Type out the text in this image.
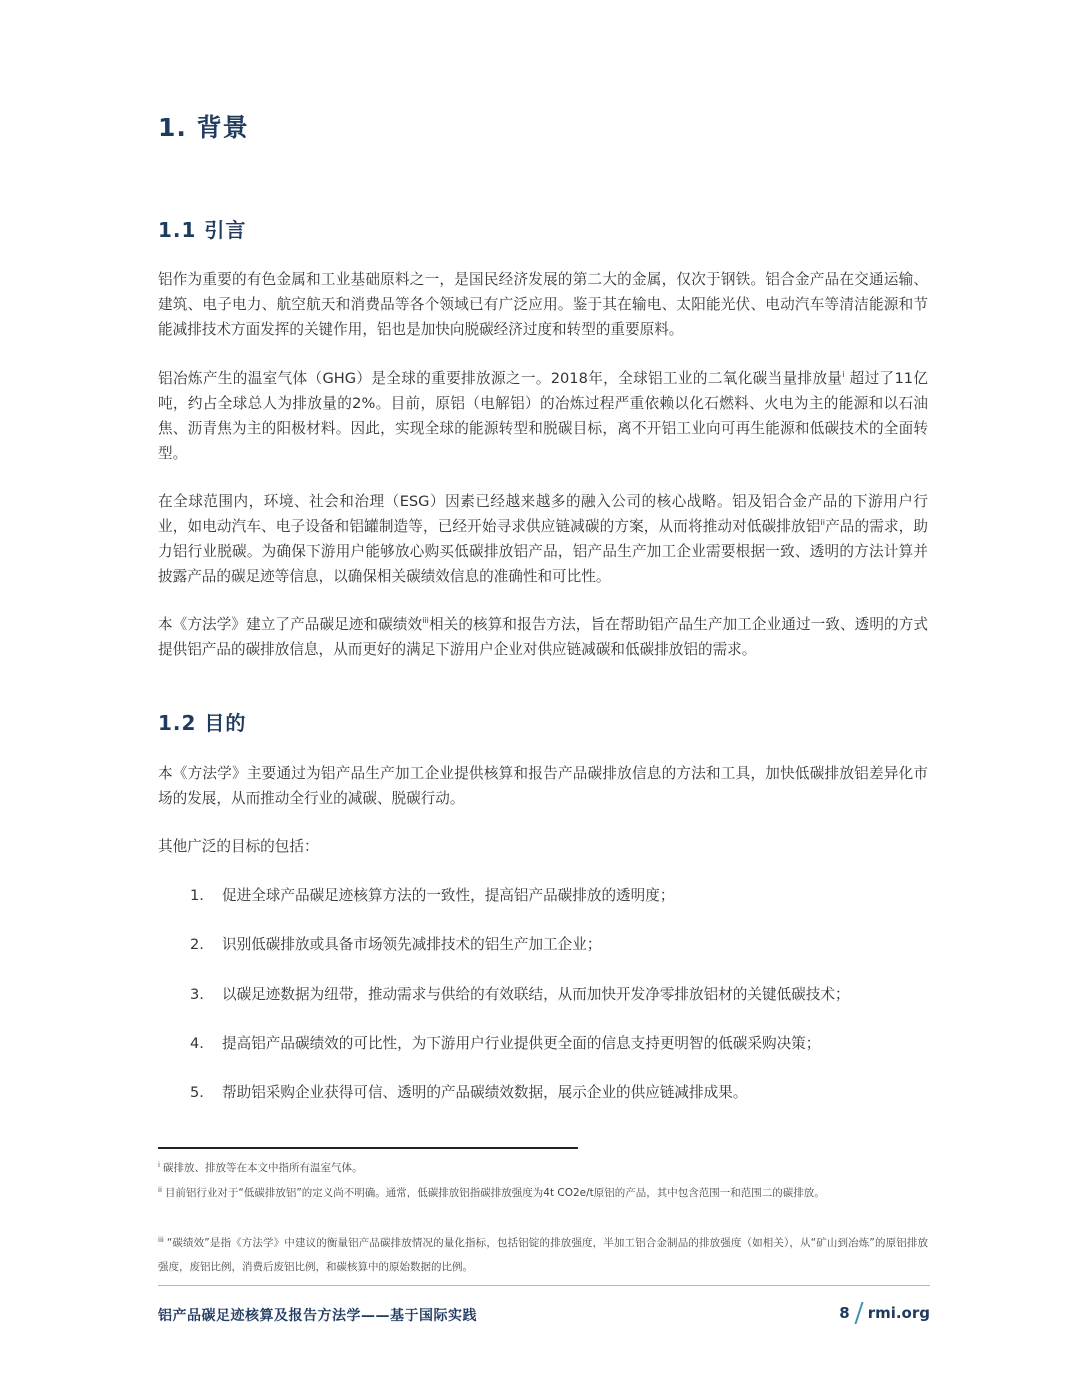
1. 背景
1.1 引言

铝作为重要的有色金属和工业基础原料之一，是国民经济发展的第二大的金属，仅次于钢铁。铝合金产品在交通运输、建筑、电子电力、航空航天和消费品等各个领域已有广泛应用。鉴于其在输电、太阳能光伏、电动汽车等清洁能源和节能减排技术方面发挥的关键作用，铝也是加快向脱碳经济过度和转型的重要原料。

铝冶炼产生的温室气体（GHG）是全球的重要排放源之一。2018年，全球铝工业的二氧化碳当量排放量$^i$ 超过了11亿吨，约占全球总人为排放量的2%。目前，原铝（电解铝）的冶炼过程严重依赖以化石燃料、火电为主的能源和以石油焦、沥青焦为主的阳极材料。因此，实现全球的能源转型和脱碳目标，离不开铝工业向可再生能源和低碳技术的全面转型。

在全球范围内，环境、社会和治理（ESG）因素已经越来越多的融入公司的核心战略。铝及铝合金产品的下游用户行业，如电动汽车、电子设备和铝罐制造等，已经开始寻求供应链减碳的方案，从而将推动对低碳排放铝$^{ii}$产品的需求，助力铝行业脱碳。为确保下游用户能够放心购买低碳排放铝产品，铝产品生产加工企业需要根据一致、透明的方法计算并披露产品的碳足迹等信息，以确保相关碳绩效信息的准确性和可比性。

本《方法学》建立了产品碳足迹和碳绩效$^{iii}$相关的核算和报告方法，旨在帮助铝产品生产加工企业通过一致、透明的方式提供铝产品的碳排放信息，从而更好的满足下游用户企业对供应链减碳和低碳排放铝的需求。

1.2 目的

本《方法学》主要通过为铝产品生产加工企业提供核算和报告产品碳排放信息的方法和工具，加快低碳排放铝差异化市场的发展，从而推动全行业的减碳、脱碳行动。

其他广泛的目标的包括：

1. 促进全球产品碳足迹核算方法的一致性，提高铝产品碳排放的透明度；
2. 识别低碳排放或具备市场领先减排技术的铝生产加工企业；
3. 以碳足迹数据为纽带，推动需求与供给的有效联结，从而加快开发净零排放铝材的关键低碳技术；
4. 提高铝产品碳绩效的可比性，为下游用户行业提供更全面的信息支持更明智的低碳采购决策；
5. 帮助铝采购企业获得可信、透明的产品碳绩效数据，展示企业的供应链减排成果。
$^i$ 碳排放、排放等在本文中指所有温室气体。
$^{ii}$ 目前铝行业对于“低碳排放铝”的定义尚不明确。通常，低碳排放铝指碳排放强度为4t CO2e/t原铝的产品，其中包含范围一和范围二的碳排放。
$^{iii}$ “碳绩效”是指《方法学》中建议的衡量铝产品碳排放情况的量化指标，包括铝锭的排放强度，半加工铝合金制品的排放强度（如相关），从“矿山到冶炼”的原铝排放强度，废铝比例，消费后废铝比例，和碳核算中的原始数据的比例。
铝产品碳足迹核算及报告方法学——基于国际实践	8 rmi.org
